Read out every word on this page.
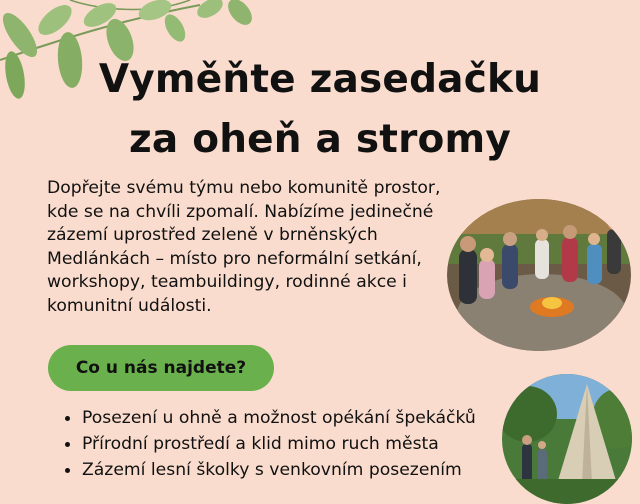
Vyměňte zasedačku
za oheň a stromy
Dopřejte svému týmu nebo komunitě prostor,
kde se na chvíli zpomalí. Nabízíme jedinečné
zázemí uprostřed zeleně v brněnských
Medlánkách – místo pro neformální setkání,
workshopy, teambuildingy, rodinné akce i
komunitní události.
Co u nás najdete?
Posezení u ohně a možnost opékání špekáčků
Přírodní prostředí a klid mimo ruch města
Zázemí lesní školky s venkovním posezením
